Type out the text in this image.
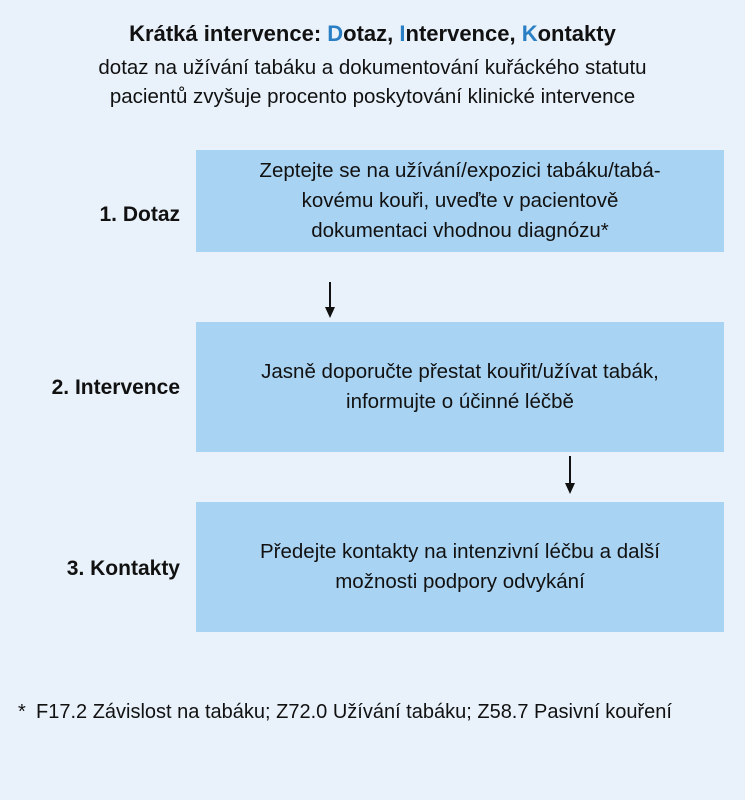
Krátká intervence: Dotaz, Intervence, Kontakty
dotaz na užívání tabáku a dokumentování kuřáckého statutu
pacientů zvyšuje procento poskytování klinické intervence
1. Dotaz
Zeptejte se na užívání/expozici tabáku/tabá-
kovému kouři, uveďte v pacientově
dokumentaci vhodnou diagnózu*
2. Intervence
Jasně doporučte přestat kouřit/užívat tabák,
informujte o účinné léčbě
3. Kontakty
Předejte kontakty na intenzivní léčbu a další
možnosti podpory odvykání
* F17.2 Závislost na tabáku; Z72.0 Užívání tabáku; Z58.7 Pasivní kouření
